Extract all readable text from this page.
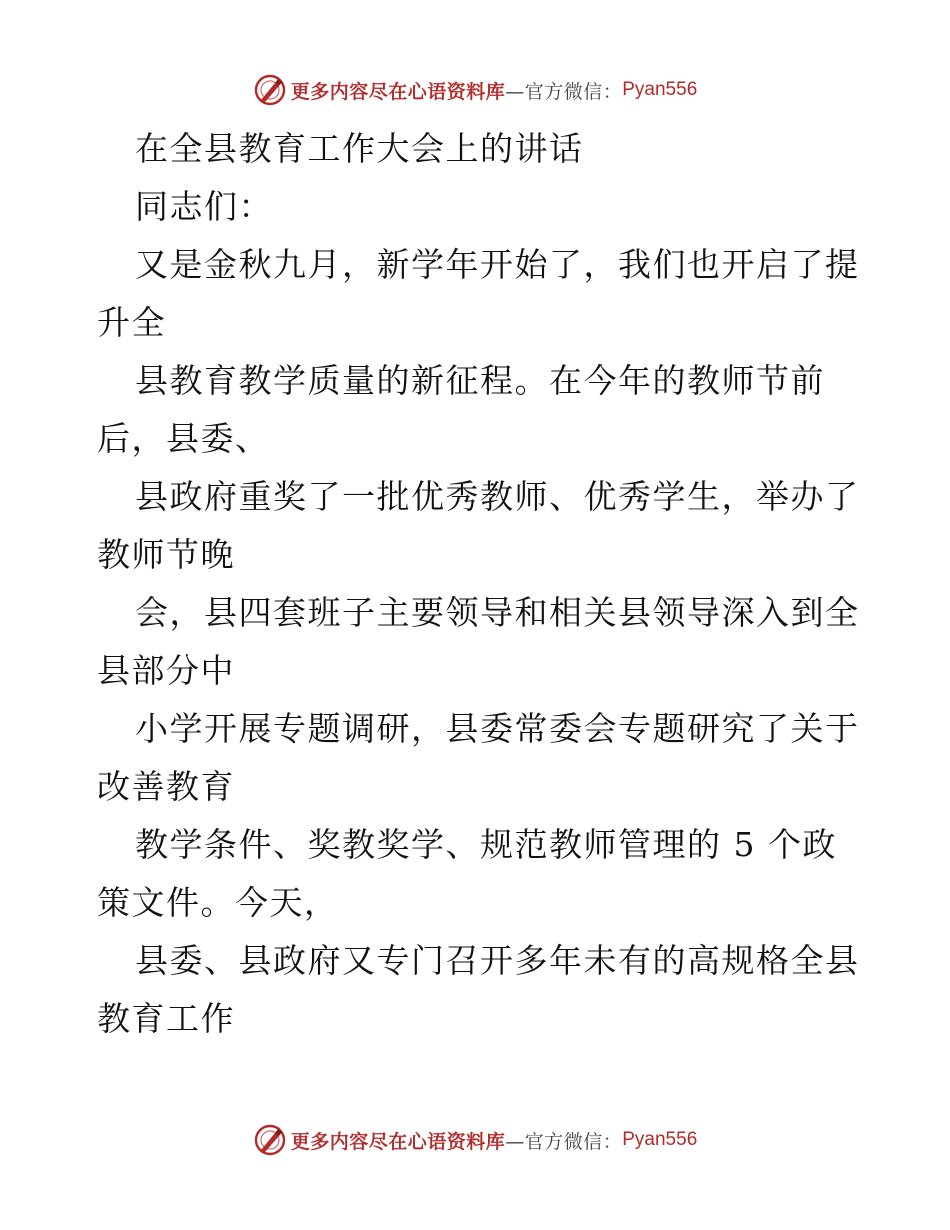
更多内容尽在心语资料库 —官方微信： Pyan556
在全县教育工作大会上的讲话
同志们：
又是金秋九月，新学年开始了，我们也开启了提
升全
县教育教学质量的新征程。在今年的教师节前
后，县委、
县政府重奖了一批优秀教师、优秀学生，举办了
教师节晚
会，县四套班子主要领导和相关县领导深入到全
县部分中
小学开展专题调研，县委常委会专题研究了关于
改善教育
教学条件、奖教奖学、规范教师管理的 5 个政
策文件。今天，
县委、县政府又专门召开多年未有的高规格全县
教育工作
更多内容尽在心语资料库 —官方微信： Pyan556
